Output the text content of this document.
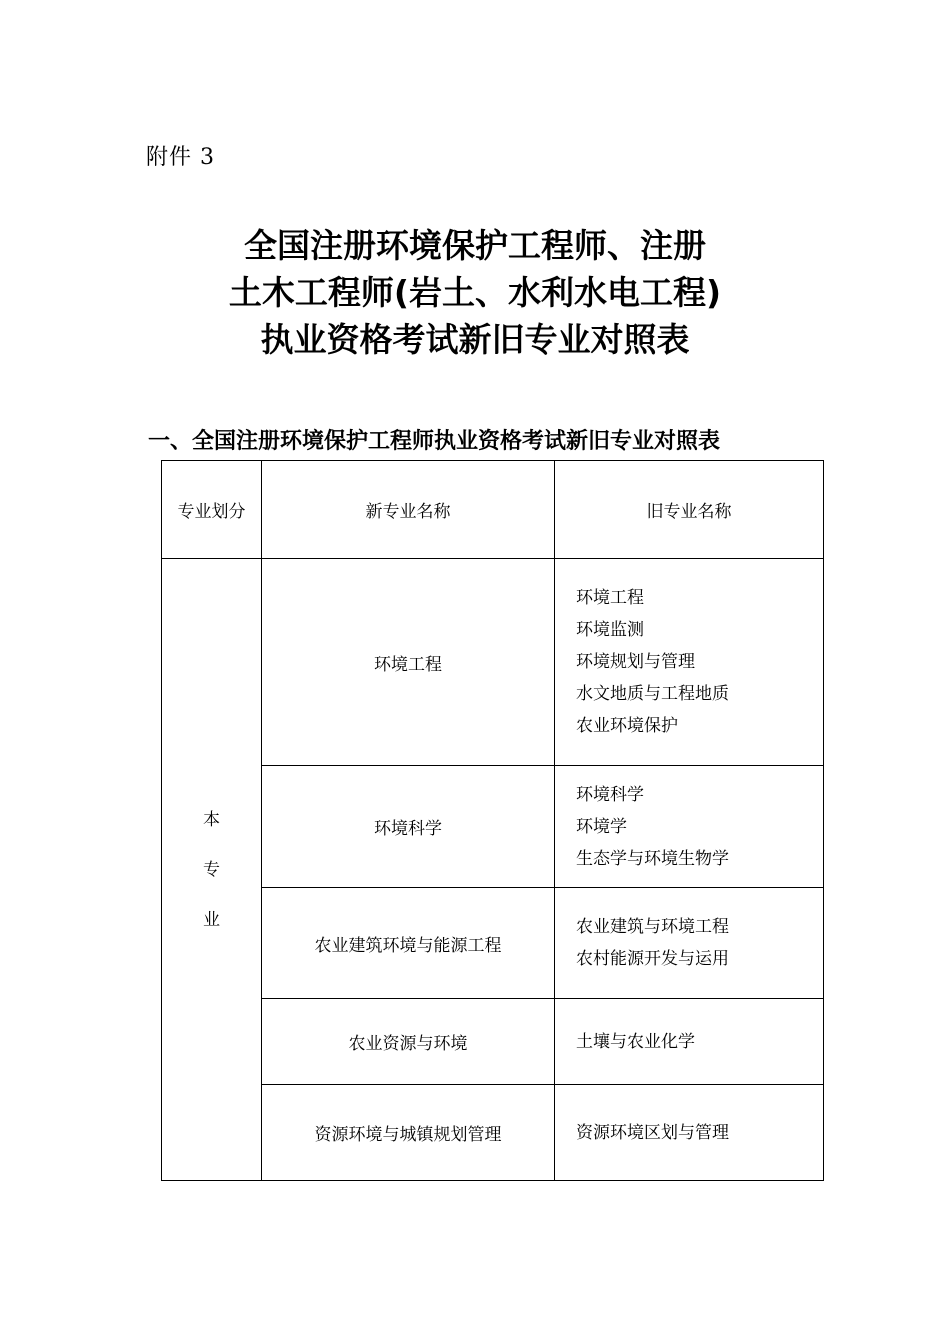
附件 3
全国注册环境保护工程师、注册
土木工程师(岩土、水利水电工程)
执业资格考试新旧专业对照表
一、全国注册环境保护工程师执业资格考试新旧专业对照表
专业划分	新专业名称	旧专业名称

本
专
业	环境工程	环境工程
环境监测
环境规划与管理
水文地质与工程地质
农业环境保护

	环境科学	环境科学
环境学
生态学与环境生物学

	农业建筑环境与能源工程	农业建筑与环境工程
农村能源开发与运用

	农业资源与环境	土壤与农业化学

	资源环境与城镇规划管理	资源环境区划与管理
